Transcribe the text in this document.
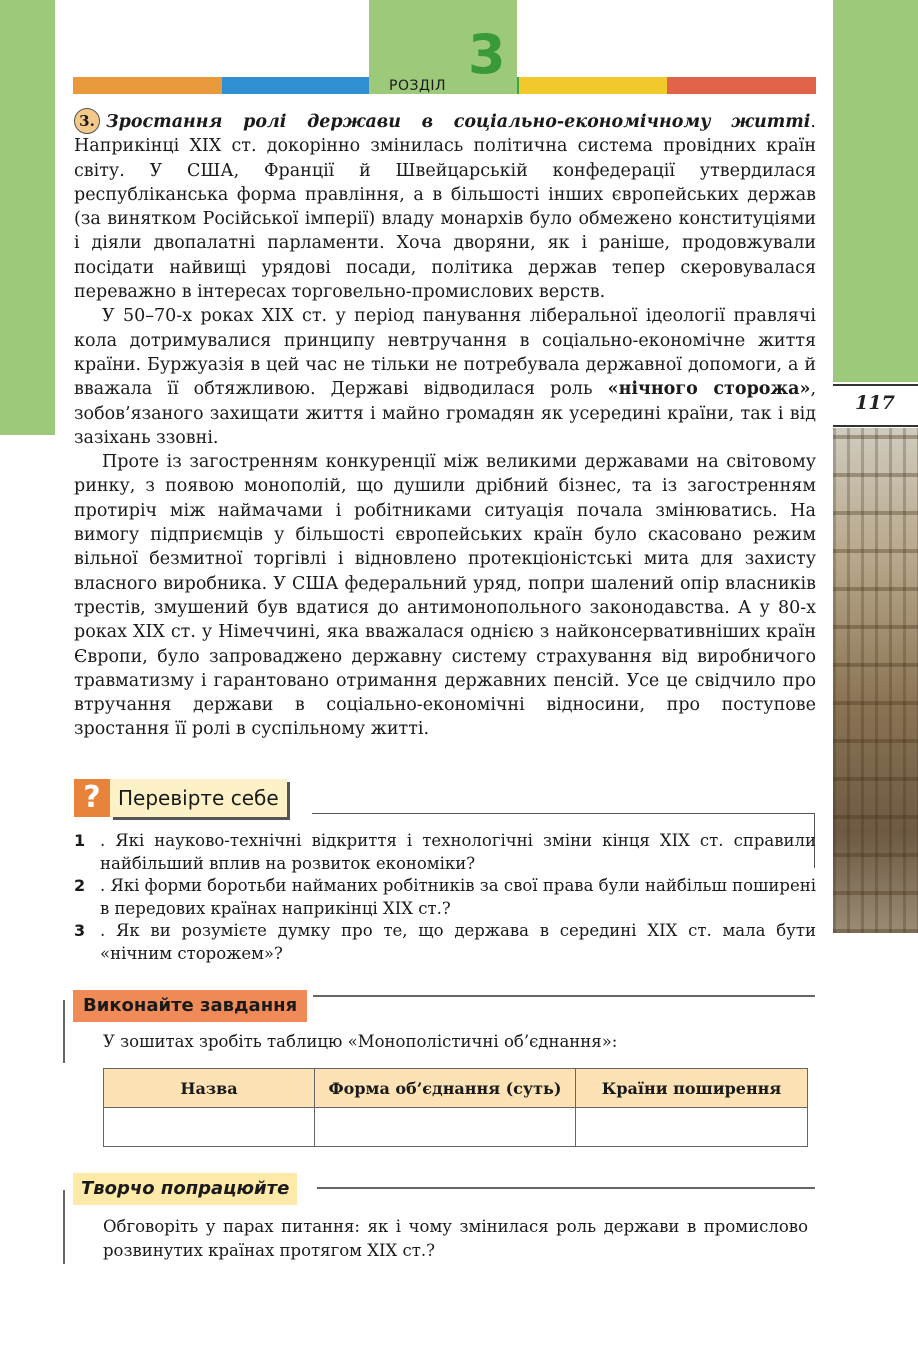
117
РОЗДІЛ 3

3. Зростання ролі держави в соціально-економічному житті. Наприкінці XIX ст. докорінно змінилась політична система провідних країн світу. У США, Франції й Швейцарській конфедерації утвердилася республіканська форма правління, а в більшості інших європейських держав (за винятком Російської імперії) владу монархів було обмежено конституціями і діяли двопалатні парламенти. Хоча дворяни, як і раніше, продовжували посідати найвищі урядові посади, політика держав тепер скеровувалася переважно в інтересах торговельно-промислових верств.

У 50–70-х роках XIX ст. у період панування ліберальної ідеології правлячі кола дотримувалися принципу невтручання в соціально-економічне життя країни. Буржуазія в цей час не тільки не потребувала державної допомоги, а й вважала її обтяжливою. Державі відводилася роль «нічного сторожа», зобов’язаного захищати життя і майно громадян як усередині країни, так і від зазіхань ззовні.

Проте із загостренням конкуренції між великими державами на світовому ринку, з появою монополій, що душили дрібний бізнес, та із загостренням протиріч між наймачами і робітниками ситуація почала змінюватись. На вимогу підприємців у більшості європейських країн було скасовано режим вільної безмитної торгівлі і відновлено протекціоністські мита для захисту власного виробника. У США федеральний уряд, попри шалений опір власників трестів, змушений був вдатися до антимонопольного законодавства. А у 80-х роках XIX ст. у Німеччині, яка вважалася однією з найконсервативніших країн Європи, було запроваджено державну систему страхування від виробничого травматизму і гарантовано отримання державних пенсій. Усе це свідчило про втручання держави в соціально-економічні відносини, про поступове зростання її ролі в суспільному житті.

? Перевірте себе
1 . Які науково-технічні відкриття і технологічні зміни кінця XIX ст. справили найбільший вплив на розвиток економіки?
2 . Які форми боротьби найманих робітників за свої права були найбільш поширені в передових країнах наприкінці XIX ст.?
3 . Як ви розумієте думку про те, що держава в середині XIX ст. мала бути «нічним сторожем»?
Виконайте завдання
У зошитах зробіть таблицю «Монополістичні об’єднання»:
Назва	Форма об’єднання (суть)	Країни поширення

Творчо попрацюйте
Обговоріть у парах питання: як і чому змінилася роль держави в промислово розвинутих країнах протягом XIX ст.?
